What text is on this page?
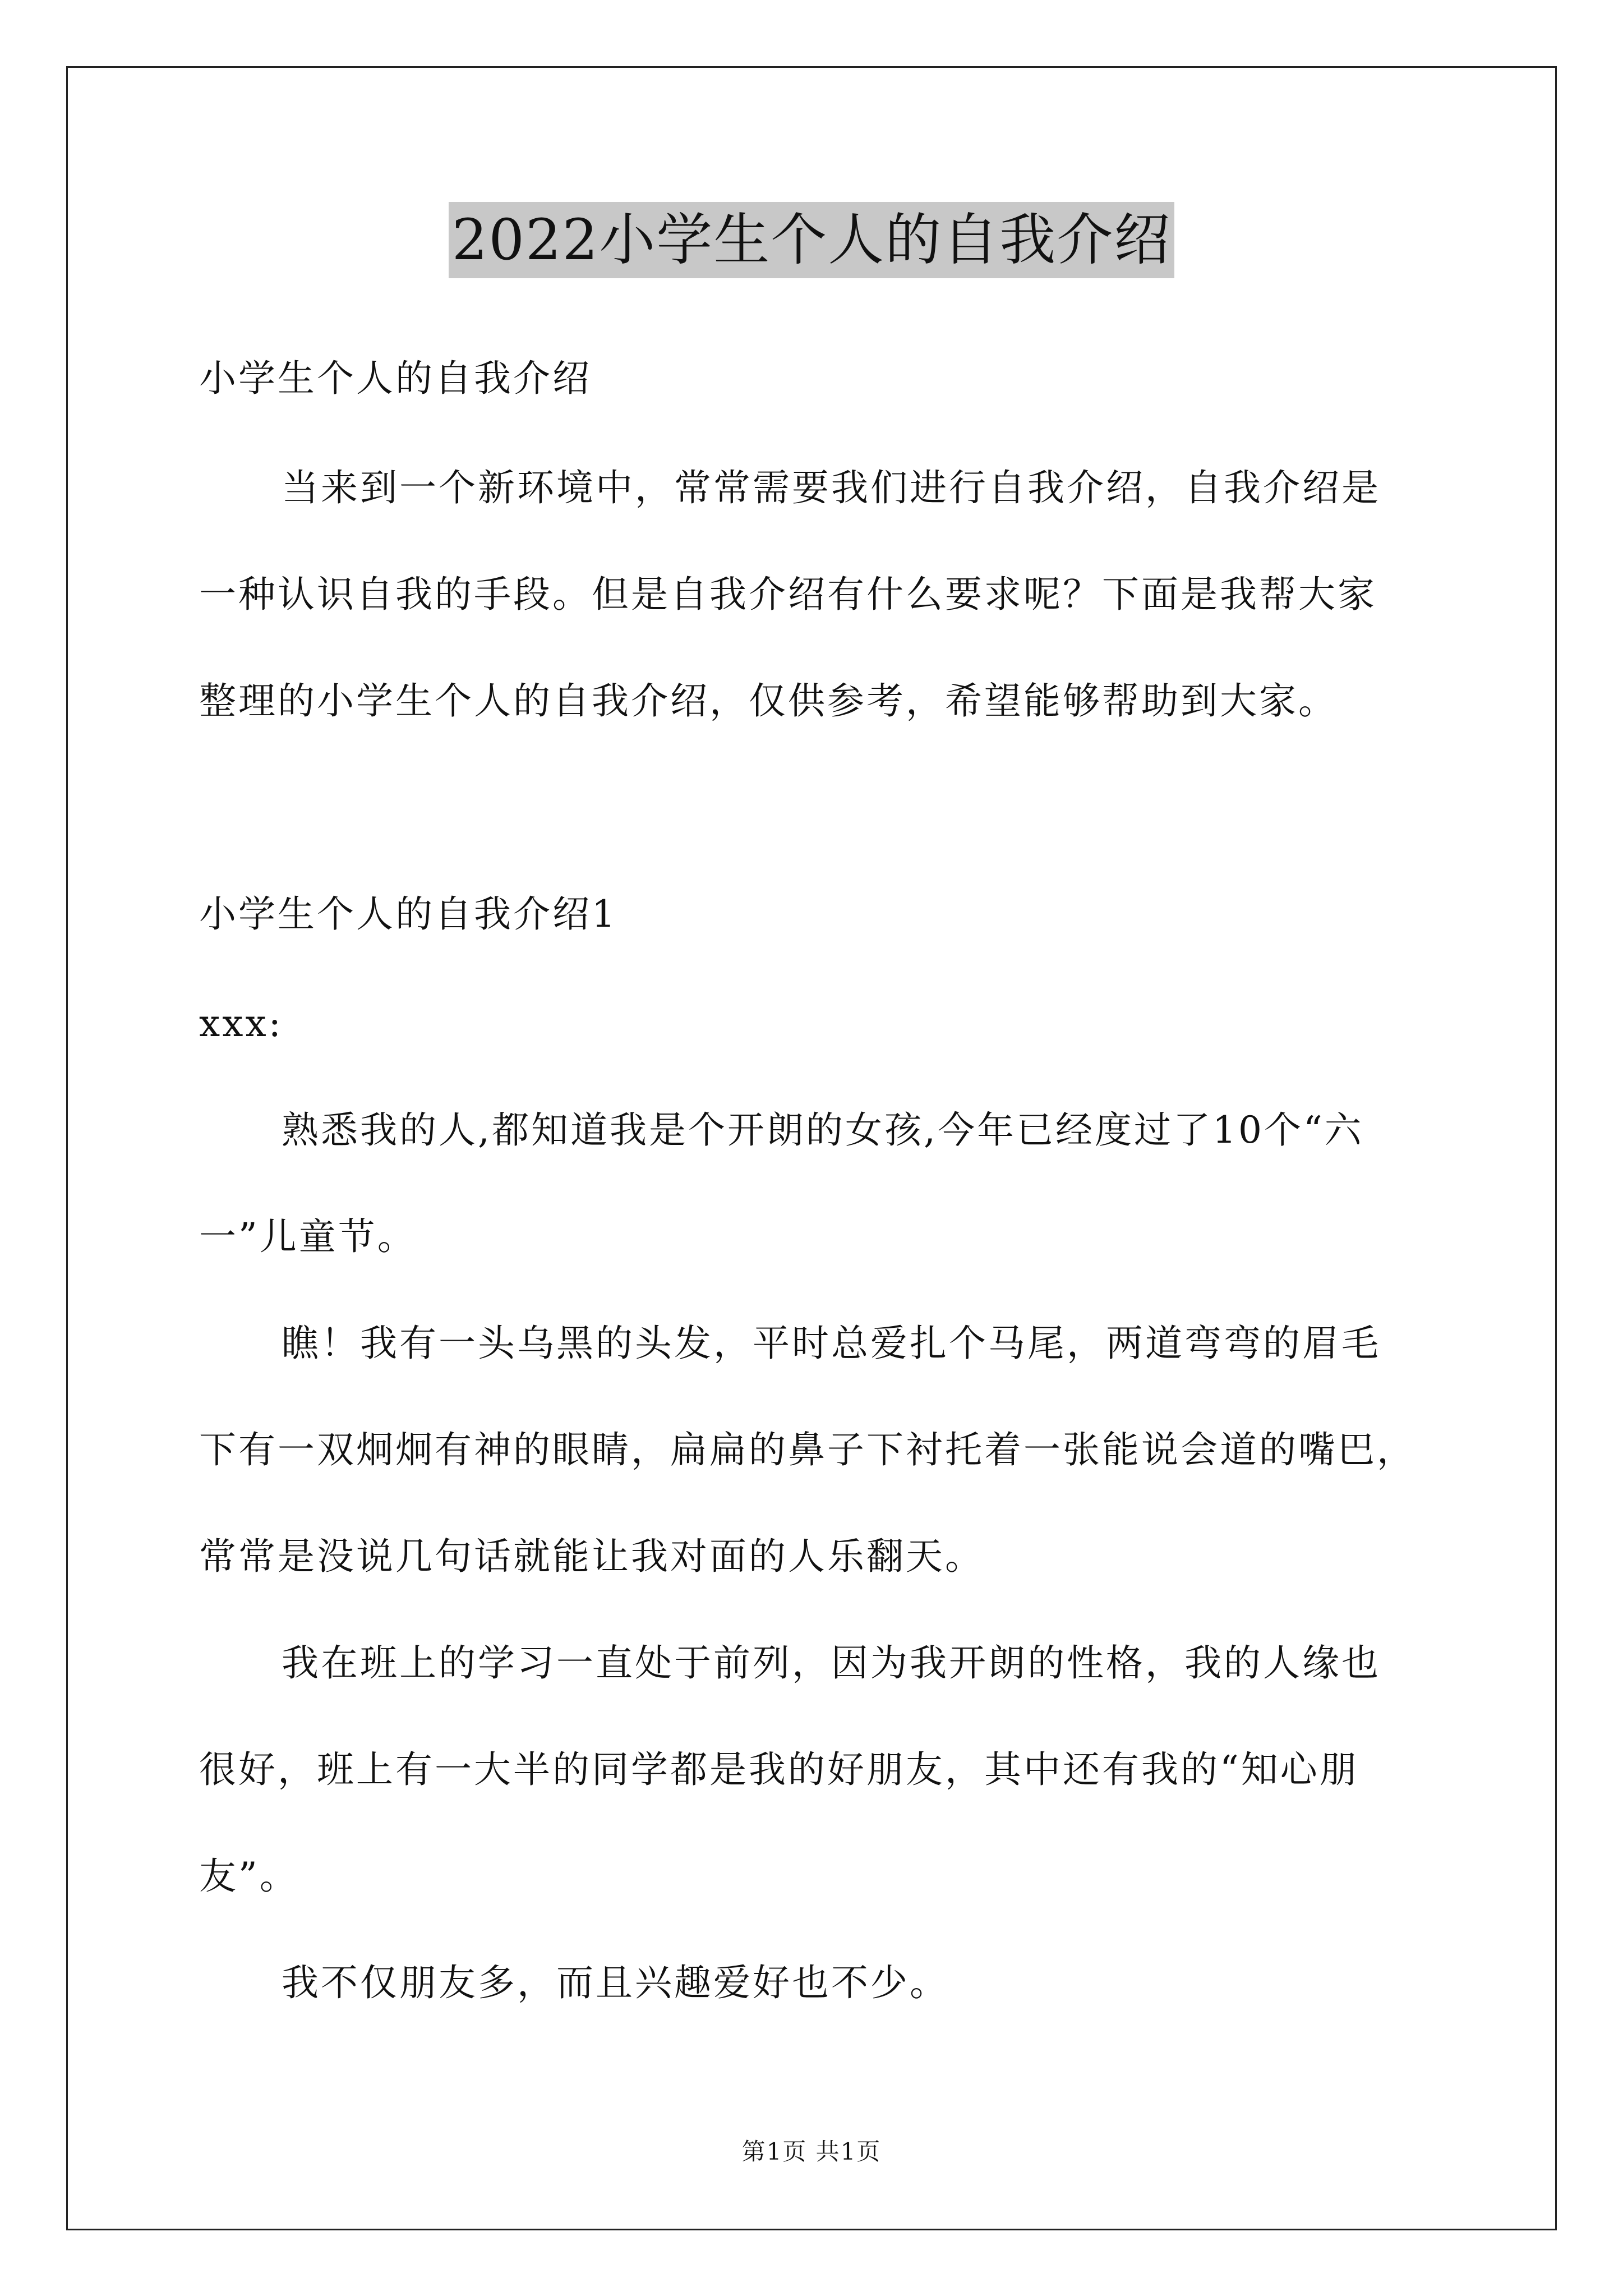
2022小学生个人的自我介绍
小学生个人的自我介绍
当来到一个新环境中，常常需要我们进行自我介绍，自我介绍是
一种认识自我的手段。但是自我介绍有什么要求呢？下面是我帮大家
整理的小学生个人的自我介绍，仅供参考，希望能够帮助到大家。
小学生个人的自我介绍1
xxx:
熟悉我的人,都知道我是个开朗的女孩,今年已经度过了10个“六
一”儿童节。
瞧！我有一头乌黑的头发，平时总爱扎个马尾，两道弯弯的眉毛
下有一双炯炯有神的眼睛，扁扁的鼻子下衬托着一张能说会道的嘴巴，
常常是没说几句话就能让我对面的人乐翻天。
我在班上的学习一直处于前列，因为我开朗的性格，我的人缘也
很好，班上有一大半的同学都是我的好朋友，其中还有我的“知心朋
友”。
我不仅朋友多，而且兴趣爱好也不少。
第1页 共1页
